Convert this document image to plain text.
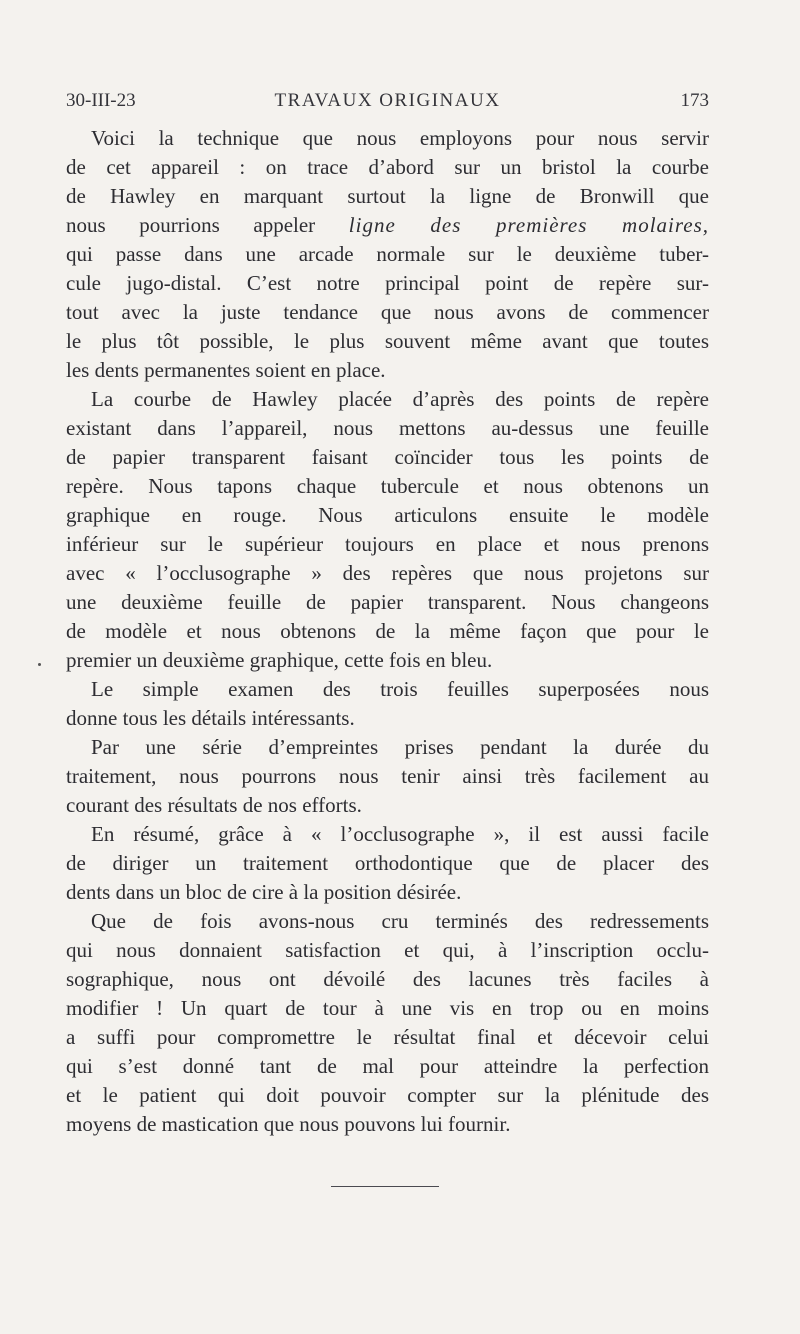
30-III-23	TRAVAUX ORIGINAUX	173
Voici la technique que nous employons pour nous servir
de cet appareil : on trace d’abord sur un bristol la courbe
de Hawley en marquant surtout la ligne de Bronwill que
nous pourrions appeler ligne des premières molaires,
qui passe dans une arcade normale sur le deuxième tuber-
cule jugo-distal. C’est notre principal point de repère sur-
tout avec la juste tendance que nous avons de commencer
le plus tôt possible, le plus souvent même avant que toutes
les dents permanentes soient en place.
La courbe de Hawley placée d’après des points de repère
existant dans l’appareil, nous mettons au-dessus une feuille
de papier transparent faisant coïncider tous les points de
repère. Nous tapons chaque tubercule et nous obtenons un
graphique en rouge. Nous articulons ensuite le modèle
inférieur sur le supérieur toujours en place et nous prenons
avec « l’occlusographe » des repères que nous projetons sur
une deuxième feuille de papier transparent. Nous changeons
de modèle et nous obtenons de la même façon que pour le
premier un deuxième graphique, cette fois en bleu.
Le simple examen des trois feuilles superposées nous
donne tous les détails intéressants.
Par une série d’empreintes prises pendant la durée du
traitement, nous pourrons nous tenir ainsi très facilement au
courant des résultats de nos efforts.
En résumé, grâce à « l’occlusographe », il est aussi facile
de diriger un traitement orthodontique que de placer des
dents dans un bloc de cire à la position désirée.
Que de fois avons-nous cru terminés des redressements
qui nous donnaient satisfaction et qui, à l’inscription occlu-
sographique, nous ont dévoilé des lacunes très faciles à
modifier ! Un quart de tour à une vis en trop ou en moins
a suffi pour compromettre le résultat final et décevoir celui
qui s’est donné tant de mal pour atteindre la perfection
et le patient qui doit pouvoir compter sur la plénitude des
moyens de mastication que nous pouvons lui fournir.
